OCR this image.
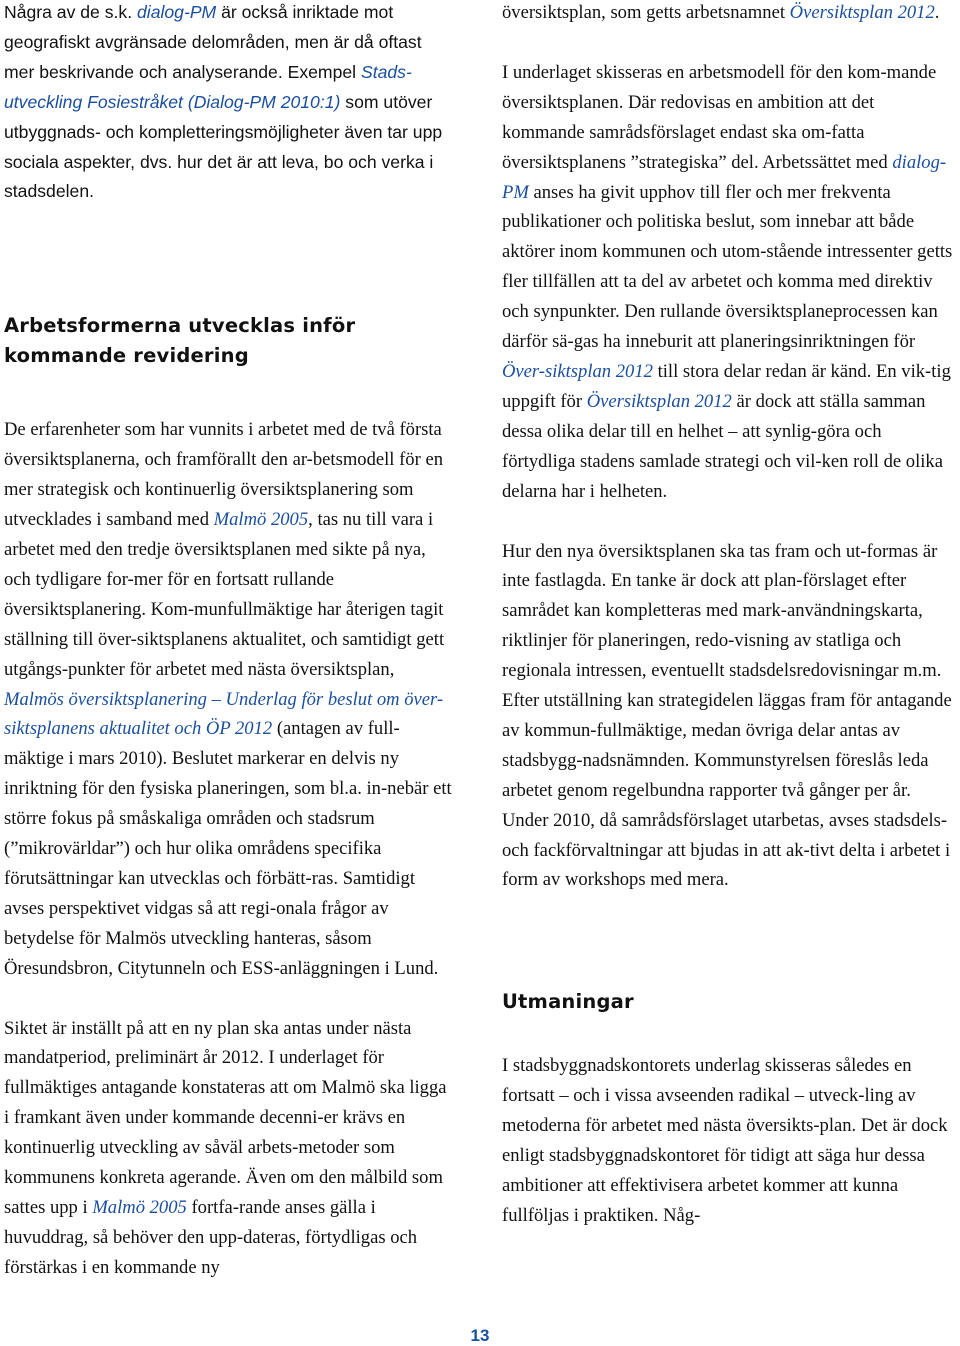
Några av de s.k. dialog-PM är också inriktade mot geografiskt avgränsade delområden, men är då oftast mer beskrivande och analyserande. Exempel Stads-utveckling Fosiestråket (Dialog-PM 2010:1) som utöver utbyggnads- och kompletteringsmöjligheter även tar upp sociala aspekter, dvs. hur det är att leva, bo och verka i stadsdelen.

Arbetsformerna utvecklas inför kommande revidering

De erfarenheter som har vunnits i arbetet med de två första översiktsplanerna, och framförallt den ar-betsmodell för en mer strategisk och kontinuerlig översiktsplanering som utvecklades i samband med Malmö 2005, tas nu till vara i arbetet med den tredje översiktsplanen med sikte på nya, och tydligare for-mer för en fortsatt rullande översiktsplanering. Kom-munfullmäktige har återigen tagit ställning till över-siktsplanens aktualitet, och samtidigt gett utgångs-punkter för arbetet med nästa översiktsplan, Malmös översiktsplanering – Underlag för beslut om över-siktsplanens aktualitet och ÖP 2012 (antagen av full-mäktige i mars 2010). Beslutet markerar en delvis ny inriktning för den fysiska planeringen, som bl.a. in-nebär ett större fokus på småskaliga områden och stadsrum (”mikrovärldar”) och hur olika områdens specifika förutsättningar kan utvecklas och förbätt-ras. Samtidigt avses perspektivet vidgas så att regi-onala frågor av betydelse för Malmös utveckling hanteras, såsom Öresundsbron, Citytunneln och ESS-anläggningen i Lund.

Siktet är inställt på att en ny plan ska antas under nästa mandatperiod, preliminärt år 2012. I underlaget för fullmäktiges antagande konstateras att om Malmö ska ligga i framkant även under kommande decenni-er krävs en kontinuerlig utveckling av såväl arbets-metoder som kommunens konkreta agerande. Även om den målbild som sattes upp i Malmö 2005 fortfa-rande anses gälla i huvuddrag, så behöver den upp-dateras, förtydligas och förstärkas i en kommande ny

översiktsplan, som getts arbetsnamnet Översiktsplan 2012.

I underlaget skisseras en arbetsmodell för den kom-mande översiktsplanen. Där redovisas en ambition att det kommande samrådsförslaget endast ska om-fatta översiktsplanens ”strategiska” del. Arbetssättet med dialog-PM anses ha givit upphov till fler och mer frekventa publikationer och politiska beslut, som innebar att både aktörer inom kommunen och utom-stående intressenter getts fler tillfällen att ta del av arbetet och komma med direktiv och synpunkter. Den rullande översiktsplaneprocessen kan därför sä-gas ha inneburit att planeringsinriktningen för Över-siktsplan 2012 till stora delar redan är känd. En vik-tig uppgift för Översiktsplan 2012 är dock att ställa samman dessa olika delar till en helhet – att synlig-göra och förtydliga stadens samlade strategi och vil-ken roll de olika delarna har i helheten.

Hur den nya översiktsplanen ska tas fram och ut-formas är inte fastlagda. En tanke är dock att plan-förslaget efter samrådet kan kompletteras med mark-användningskarta, riktlinjer för planeringen, redo-visning av statliga och regionala intressen, eventuellt stadsdelsredovisningar m.m. Efter utställning kan strategidelen läggas fram för antagande av kommun-fullmäktige, medan övriga delar antas av stadsbygg-nadsnämnden. Kommunstyrelsen föreslås leda arbetet genom regelbundna rapporter två gånger per år. Under 2010, då samrådsförslaget utarbetas, avses stadsdels- och fackförvaltningar att bjudas in att ak-tivt delta i arbetet i form av workshops med mera.

Utmaningar

I stadsbyggnadskontorets underlag skisseras således en fortsatt – och i vissa avseenden radikal – utveck-ling av metoderna för arbetet med nästa översikts-plan. Det är dock enligt stadsbyggnadskontoret för tidigt att säga hur dessa ambitioner att effektivisera arbetet kommer att kunna fullföljas i praktiken. Någ-

13
